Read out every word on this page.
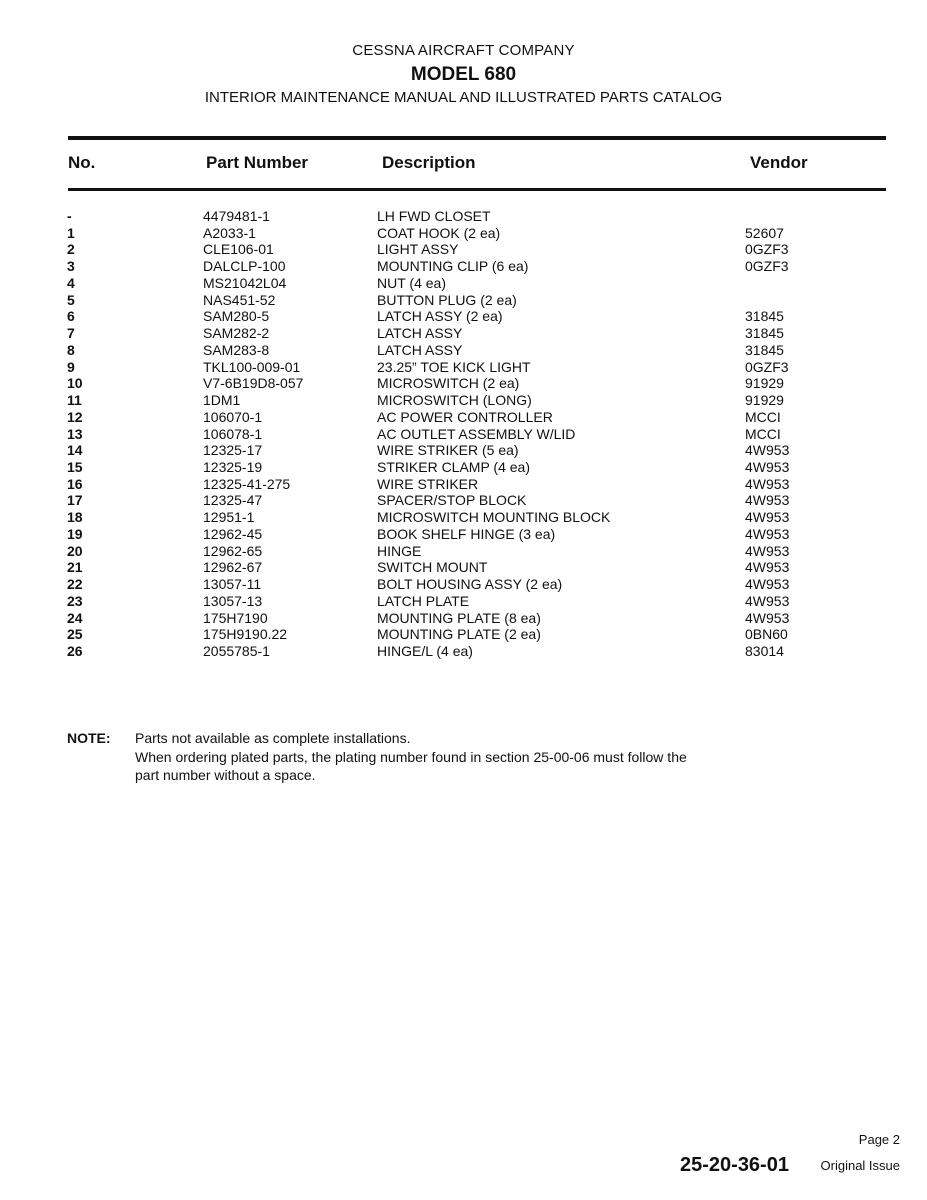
CESSNA AIRCRAFT COMPANY
MODEL 680
INTERIOR MAINTENANCE MANUAL AND ILLUSTRATED PARTS CATALOG
No.	Part Number	Description	Vendor
-	4479481-1	LH FWD CLOSET
1	A2033-1	COAT HOOK (2 ea)	52607
2	CLE106-01	LIGHT ASSY	0GZF3
3	DALCLP-100	MOUNTING CLIP (6 ea)	0GZF3
4	MS21042L04	NUT (4 ea)
5	NAS451-52	BUTTON PLUG (2 ea)
6	SAM280-5	LATCH ASSY (2 ea)	31845
7	SAM282-2	LATCH ASSY	31845
8	SAM283-8	LATCH ASSY	31845
9	TKL100-009-01	23.25” TOE KICK LIGHT	0GZF3
10	V7-6B19D8-057	MICROSWITCH (2 ea)	91929
11	1DM1	MICROSWITCH (LONG)	91929
12	106070-1	AC POWER CONTROLLER	MCCI
13	106078-1	AC OUTLET ASSEMBLY W/LID	MCCI
14	12325-17	WIRE STRIKER (5 ea)	4W953
15	12325-19	STRIKER CLAMP (4 ea)	4W953
16	12325-41-275	WIRE STRIKER	4W953
17	12325-47	SPACER/STOP BLOCK	4W953
18	12951-1	MICROSWITCH MOUNTING BLOCK	4W953
19	12962-45	BOOK SHELF HINGE (3 ea)	4W953
20	12962-65	HINGE	4W953
21	12962-67	SWITCH MOUNT	4W953
22	13057-11	BOLT HOUSING ASSY (2 ea)	4W953
23	13057-13	LATCH PLATE	4W953
24	175H7190	MOUNTING PLATE (8 ea)	4W953
25	175H9190.22	MOUNTING PLATE (2 ea)	0BN60
26	2055785-1	HINGE/L (4 ea)	83014
NOTE: Parts not available as complete installations.
When ordering plated parts, the plating number found in section 25-00-06 must follow the
part number without a space.
Page 2
25-20-36-01 Original Issue
